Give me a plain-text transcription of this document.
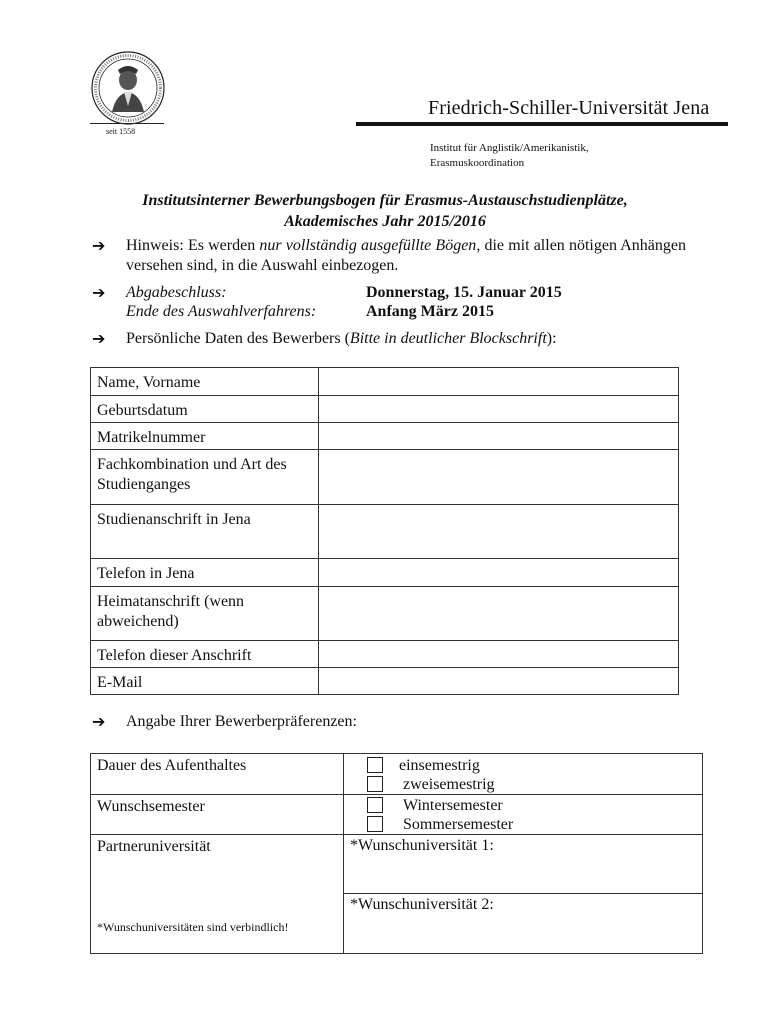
seit 1558
Friedrich-Schiller-Universität Jena
Institut für Anglistik/Amerikanistik,
Erasmuskoordination
Institutsinterner Bewerbungsbogen für Erasmus-Austauschstudienplätze,
Akademisches Jahr 2015/2016
➔ Hinweis: Es werden nur vollständig ausgefüllte Bögen, die mit allen nötigen Anhängen versehen sind, in die Auswahl einbezogen.
➔ Abgabeschluss:	Donnerstag, 15. Januar 2015
Ende des Auswahlverfahrens:	Anfang März 2015
➔ Persönliche Daten des Bewerbers (Bitte in deutlicher Blockschrift):
Name, Vorname	
Geburtsdatum	
Matrikelnummer	
Fachkombination und Art des Studienganges	
Studienanschrift in Jena	
Telefon in Jena	
Heimatanschrift (wenn abweichend)	
Telefon dieser Anschrift	
E-Mail	
➔ Angabe Ihrer Bewerberpräferenzen:
Dauer des Aufenthaltes	einsemestrig
zweisemestrig

Wunschsemester	Wintersemester
Sommersemester

Partneruniversität
*Wunschuniversitäten sind verbindlich!	*Wunschuniversität 1:
	*Wunschuniversität 2:
